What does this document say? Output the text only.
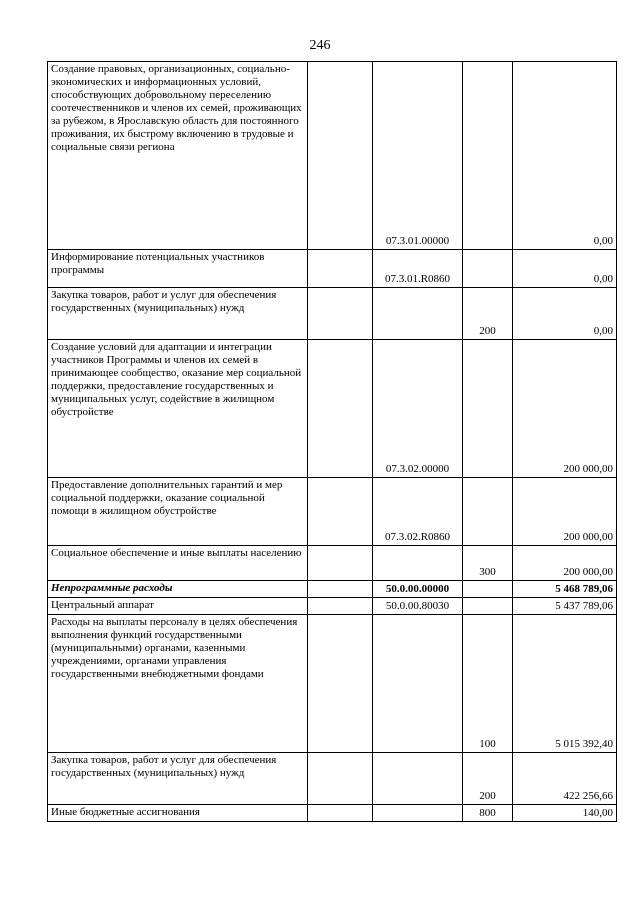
246
Создание правовых, организационных, социально-экономических и информационных условий, способствующих добровольному переселению соотечественников и членов их семей, проживающих за рубежом, в Ярославскую область для постоянного проживания, их быстрому включению в трудовые и социальные связи региона		07.3.01.00000		0,00
Информирование потенциальных участников программы		07.3.01.R0860		0,00
Закупка товаров, работ и услуг для обеспечения государственных (муниципальных) нужд			200	0,00
Создание условий для адаптации и интеграции участников Программы и членов их семей в принимающее сообщество, оказание мер социальной поддержки, предоставление государственных и муниципальных услуг, содействие в жилищном обустройстве		07.3.02.00000		200 000,00
Предоставление дополнительных гарантий и мер социальной поддержки, оказание социальной помощи в жилищном обустройстве		07.3.02.R0860		200 000,00
Социальное обеспечение и иные выплаты населению			300	200 000,00
Непрограммные расходы		50.0.00.00000		5 468 789,06
Центральный аппарат		50.0.00.80030		5 437 789,06
Расходы на выплаты персоналу в целях обеспечения выполнения функций государственными (муниципальными) органами, казенными учреждениями, органами управления государственными внебюджетными фондами			100	5 015 392,40
Закупка товаров, работ и услуг для обеспечения государственных (муниципальных) нужд			200	422 256,66
Иные бюджетные ассигнования			800	140,00
